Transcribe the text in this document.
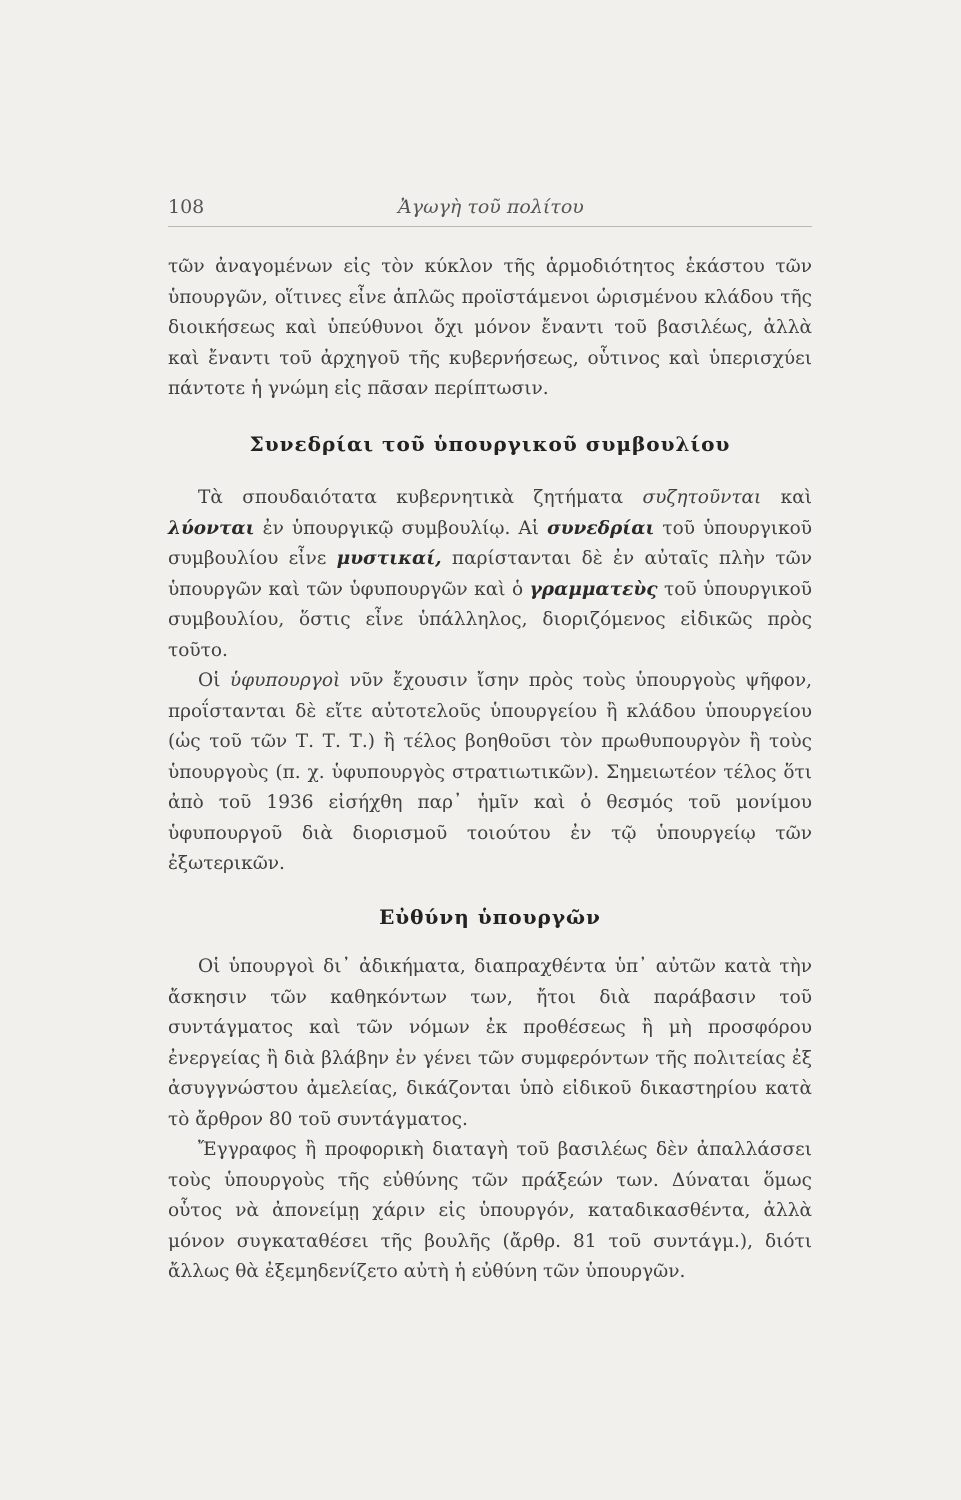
108	Ἀγωγὴ τοῦ πολίτου

τῶν ἀναγομένων εἰς τὸν κύκλον τῆς ἁρμοδιότητος ἑκάστου τῶν ὑπουργῶν, οἵτινες εἶνε ἁπλῶς προϊστάμενοι ὡρισμένου κλάδου τῆς διοικήσεως καὶ ὑπεύθυνοι ὄχι μόνον ἔναντι τοῦ βασιλέως, ἀλλὰ καὶ ἔναντι τοῦ ἀρχηγοῦ τῆς κυβερνήσεως, οὗτινος καὶ ὑπερισχύει πάντοτε ἡ γνώμη εἰς πᾶσαν περίπτωσιν.

Συνεδρίαι τοῦ ὑπουργικοῦ συμβουλίου

Τὰ σπουδαιότατα κυβερνητικὰ ζητήματα συζητοῦνται καὶ λύονται ἐν ὑπουργικῷ συμβουλίῳ. Αἱ συνεδρίαι τοῦ ὑπουργικοῦ συμβουλίου εἶνε μυστικαί, παρίστανται δὲ ἐν αὐταῖς πλὴν τῶν ὑπουργῶν καὶ τῶν ὑφυπουργῶν καὶ ὁ γραμματεὺς τοῦ ὑπουργικοῦ συμβουλίου, ὅστις εἶνε ὑπάλληλος, διοριζόμενος εἰδικῶς πρὸς τοῦτο.

Οἱ ὑφυπουργοὶ νῦν ἔχουσιν ἴσην πρὸς τοὺς ὑπουργοὺς ψῆφον, προΐστανται δὲ εἴτε αὐτοτελοῦς ὑπουργείου ἢ κλάδου ὑπουργείου (ὡς τοῦ τῶν Τ. Τ. Τ.) ἢ τέλος βοηθοῦσι τὸν πρωθυπουργὸν ἢ τοὺς ὑπουργοὺς (π. χ. ὑφυπουργὸς στρατιωτικῶν). Σημειωτέον τέλος ὅτι ἀπὸ τοῦ 1936 εἰσήχθη παρ᾽ ἡμῖν καὶ ὁ θεσμός τοῦ μονίμου ὑφυπουργοῦ διὰ διορισμοῦ τοιούτου ἐν τῷ ὑπουργείῳ τῶν ἐξωτερικῶν.

Εὐθύνη ὑπουργῶν

Οἱ ὑπουργοὶ δι᾽ ἀδικήματα, διαπραχθέντα ὑπ᾽ αὐτῶν κατὰ τὴν ἄσκησιν τῶν καθηκόντων των, ἤτοι διὰ παράβασιν τοῦ συντάγματος καὶ τῶν νόμων ἐκ προθέσεως ἢ μὴ προσφόρου ἐνεργείας ἢ διὰ βλάβην ἐν γένει τῶν συμφερόντων τῆς πολιτείας ἐξ ἀσυγγνώστου ἀμελείας, δικάζονται ὑπὸ εἰδικοῦ δικαστηρίου κατὰ τὸ ἄρθρον 80 τοῦ συντάγματος.

Ἔγγραφος ἢ προφορικὴ διαταγὴ τοῦ βασιλέως δὲν ἀπαλλάσσει τοὺς ὑπουργοὺς τῆς εὐθύνης τῶν πράξεών των. Δύναται ὅμως οὗτος νὰ ἀπονείμῃ χάριν εἰς ὑπουργόν, καταδικασθέντα, ἀλλὰ μόνον συγκαταθέσει τῆς βουλῆς (ἄρθρ. 81 τοῦ συντάγμ.), διότι ἄλλως θὰ ἐξεμηδενίζετο αὐτὴ ἡ εὐθύνη τῶν ὑπουργῶν.
